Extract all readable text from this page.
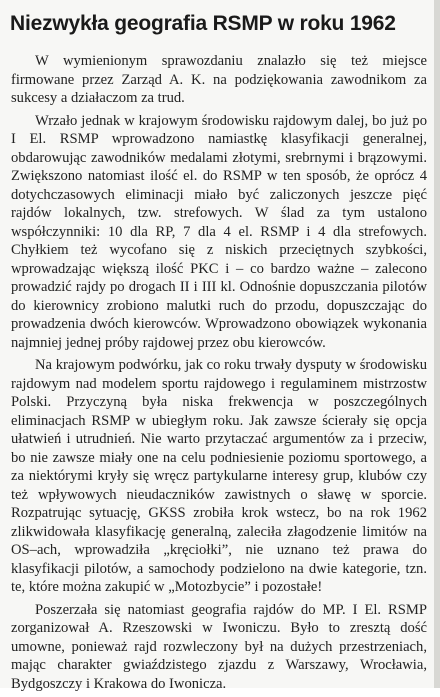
Niezwykła geografia RSMP w roku 1962

W wymienionym sprawozdaniu znalazło się też miejsce firmowane przez Zarząd A. K. na podziękowania zawodnikom za sukcesy a działaczom za trud.

Wrzało jednak w krajowym środowisku rajdowym dalej, bo już po I El. RSMP wprowadzono namiastkę klasyfikacji generalnej, obdarowując zawodników medalami złotymi, srebrnymi i brązowymi. Zwiększono natomiast ilość el. do RSMP w ten sposób, że oprócz 4 dotychczasowych eliminacji miało być zaliczonych jeszcze pięć rajdów lokalnych, tzw. strefowych. W ślad za tym ustalono współczynniki: 10 dla RP, 7 dla 4 el. RSMP i 4 dla strefowych. Chyłkiem też wycofano się z niskich przeciętnych szybkości, wprowadzając większą ilość PKC i – co bardzo ważne – zalecono prowadzić rajdy po drogach II i III kl. Odnośnie dopuszczania pilotów do kierownicy zrobiono malutki ruch do przodu, dopuszczając do prowadzenia dwóch kierowców. Wprowadzono obowiązek wykonania najmniej jednej próby rajdowej przez obu kierowców.

Na krajowym podwórku, jak co roku trwały dysputy w środowisku rajdowym nad modelem sportu rajdowego i regulaminem mistrzostw Polski. Przyczyną była niska frekwencja w poszczególnych eliminacjach RSMP w ubiegłym roku. Jak zawsze ścierały się opcja ułatwień i utrudnień. Nie warto przytaczać argumentów za i przeciw, bo nie zawsze miały one na celu podniesienie poziomu sportowego, a za niektórymi kryły się wręcz partykularne interesy grup, klubów czy też wpływowych nieudaczników zawistnych o sławę w sporcie. Rozpatrując sytuację, GKSS zrobiła krok wstecz, bo na rok 1962 zlikwidowała klasyfikację generalną, zaleciła złagodzenie limitów na OS–ach, wprowadziła „kręciołki”, nie uznano też prawa do klasyfikacji pilotów, a samochody podzielono na dwie kategorie, tzn. te, które można zakupić w „Motozbycie” i pozostałe!

Poszerzała się natomiast geografia rajdów do MP. I El. RSMP zorganizował A. Rzeszowski w Iwoniczu. Było to zresztą dość umowne, ponieważ rajd rozwleczony był na dużych przestrzeniach, mając charakter gwiaździstego zjazdu z Warszawy, Wrocławia, Bydgoszczy i Krakowa do Iwonicza.
